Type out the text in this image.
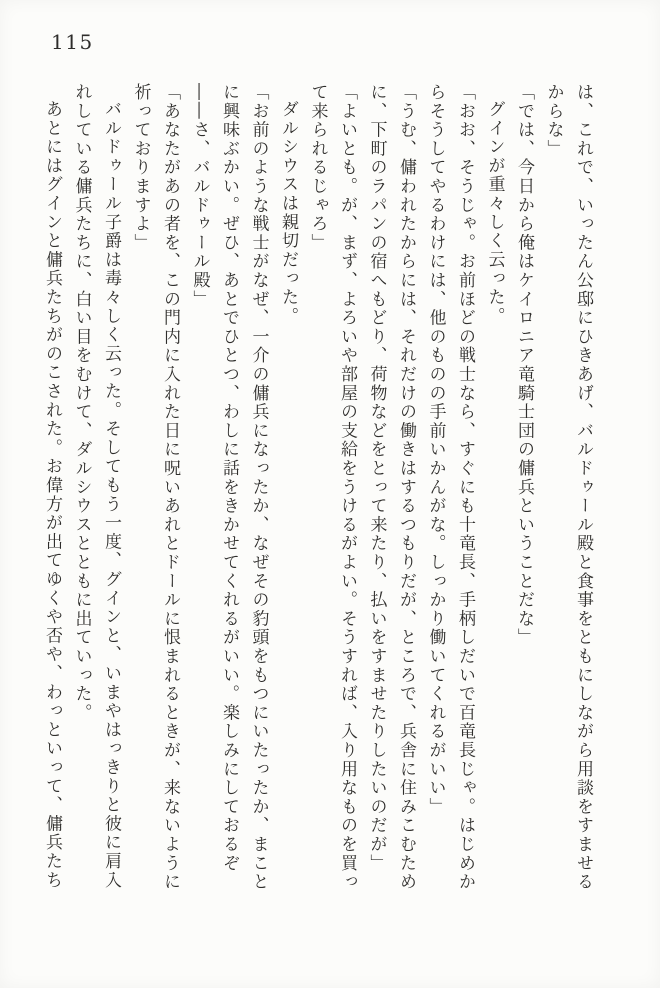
115
は、これで、いったん公邸にひきあげ、バルドゥール殿と食事をともにしながら用談をすませる
からな」
「では、今日から俺はケイロニア竜騎士団の傭兵ということだな」
グインが重々しく云った。
「おお、そうじゃ。お前ほどの戦士なら、すぐにも十竜長、手柄しだいで百竜長じゃ。はじめか
らそうしてやるわけには、他のものの手前いかんがな。しっかり働いてくれるがいい」
「うむ、傭われたからには、それだけの働きはするつもりだが、ところで、兵舎に住みこむため
に、下町のラパンの宿へもどり、荷物などをとって来たり、払いをすませたりしたいのだが」
「よいとも。が、まず、よろいや部屋の支給をうけるがよい。そうすれば、入り用なものを買っ
て来られるじゃろ」
ダルシウスは親切だった。
「お前のような戦士がなぜ、一介の傭兵になったか、なぜその豹頭をもつにいたったか、まこと
に興味ぶかい。ぜひ、あとでひとつ、わしに話をきかせてくれるがいい。楽しみにしておるぞ
――さ、バルドゥール殿」
「あなたがあの者を、この門内に入れた日に呪いあれとドールに恨まれるときが、来ないように
祈っておりますよ」
バルドゥール子爵は毒々しく云った。そしてもう一度、グインと、いまやはっきりと彼に肩入
れしている傭兵たちに、白い目をむけて、ダルシウスとともに出ていった。
あとにはグインと傭兵たちがのこされた。お偉方が出てゆくや否や、わっといって、傭兵たち
